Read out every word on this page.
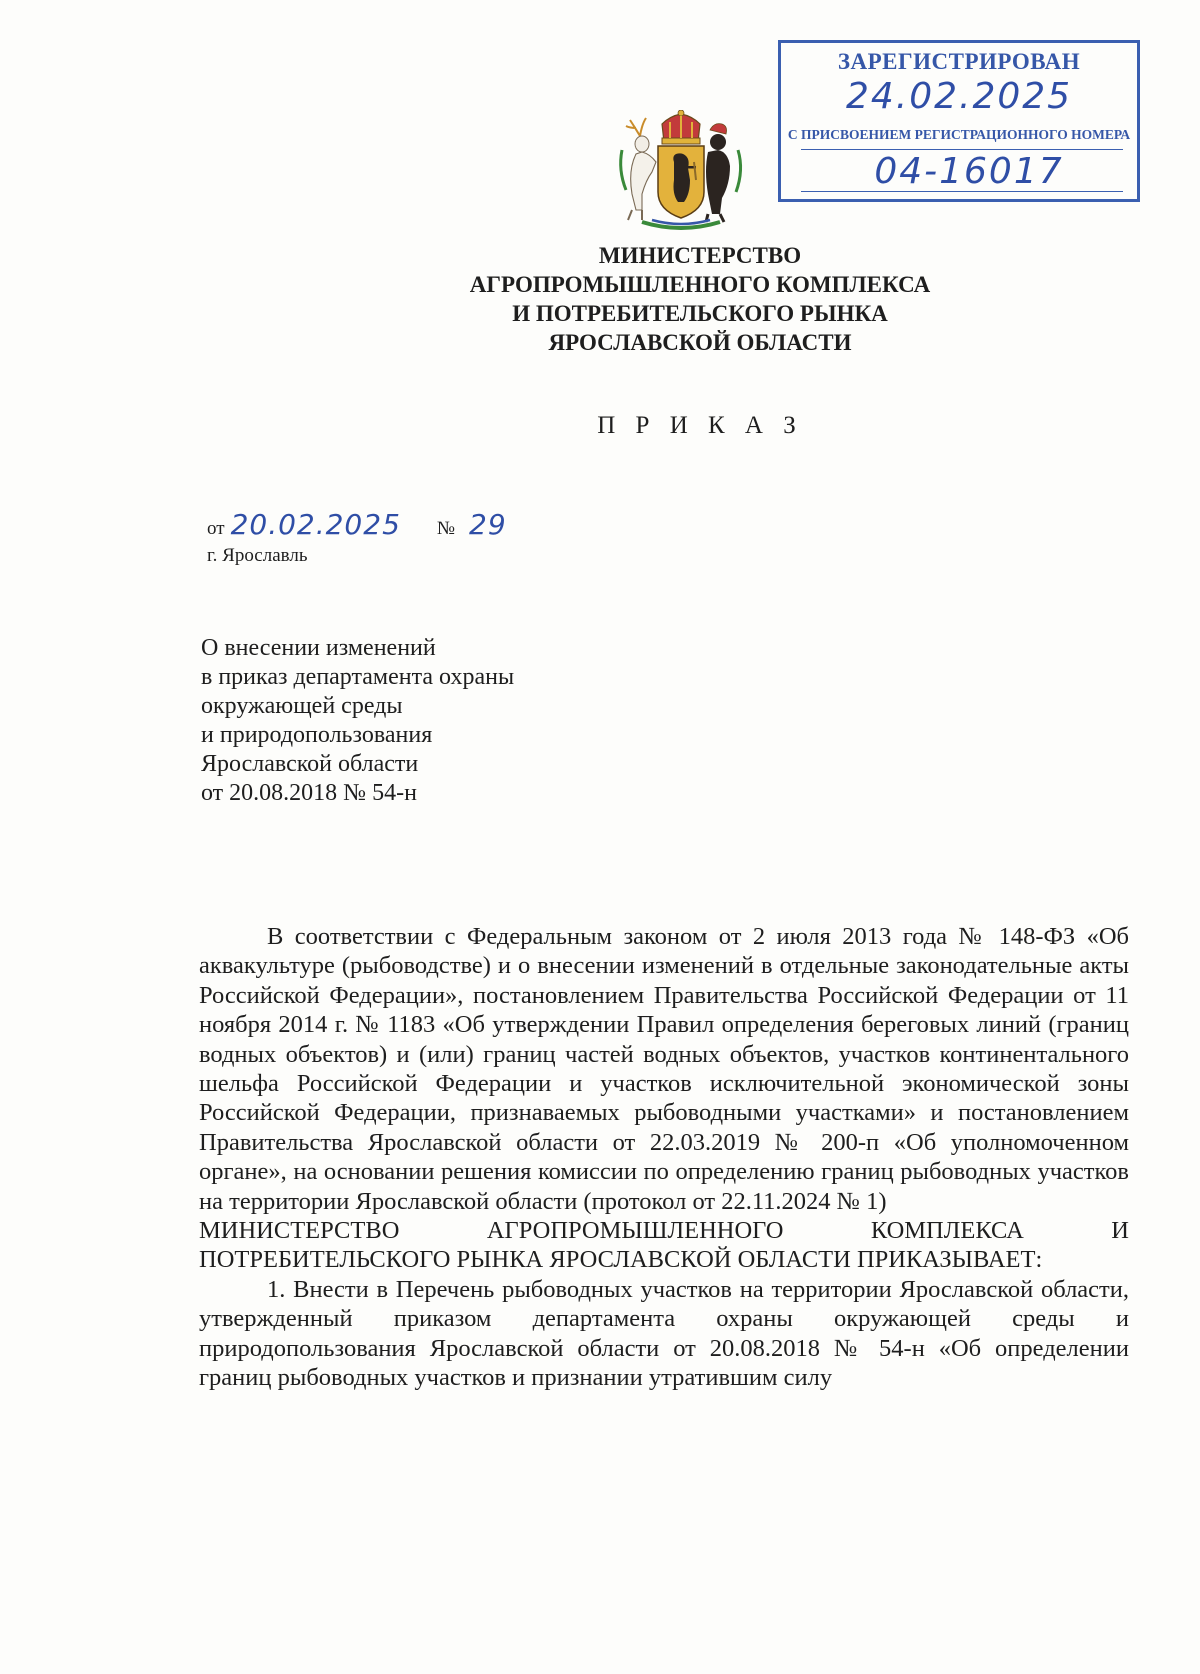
ЗАРЕГИСТРИРОВАН
24.02.2025
С ПРИСВОЕНИЕМ РЕГИСТРАЦИОННОГО НОМЕРА
04-16017
МИНИСТЕРСТВО
АГРОПРОМЫШЛЕННОГО КОМПЛЕКСА
И ПОТРЕБИТЕЛЬСКОГО РЫНКА
ЯРОСЛАВСКОЙ ОБЛАСТИ
П Р И К А З
от 20.02.2025 № 29
г. Ярославль
О внесении изменений
в приказ департамента охраны
окружающей среды
и природопользования
Ярославской области
от 20.08.2018 № 54-н

В соответствии с Федеральным законом от 2 июля 2013 года № 148-ФЗ «Об аквакультуре (рыбоводстве) и о внесении изменений в отдельные законодательные акты Российской Федерации», постановлением Правительства Российской Федерации от 11 ноября 2014 г. № 1183 «Об утверждении Правил определения береговых линий (границ водных объектов) и (или) границ частей водных объектов, участков континентального шельфа Российской Федерации и участков исключительной экономической зоны Российской Федерации, признаваемых рыбоводными участками» и постановлением Правительства Ярославской области от 22.03.2019 № 200-п «Об уполномоченном органе», на основании решения комиссии по определению границ рыбоводных участков на территории Ярославской области (протокол от 22.11.2024 № 1)

МИНИСТЕРСТВО АГРОПРОМЫШЛЕННОГО КОМПЛЕКСА И ПОТРЕБИТЕЛЬСКОГО РЫНКА ЯРОСЛАВСКОЙ ОБЛАСТИ ПРИКАЗЫВАЕТ:

1. Внести в Перечень рыбоводных участков на территории Ярославской области, утвержденный приказом департамента охраны окружающей среды и природопользования Ярославской области от 20.08.2018 № 54-н «Об определении границ рыбоводных участков и признании утратившим силу
